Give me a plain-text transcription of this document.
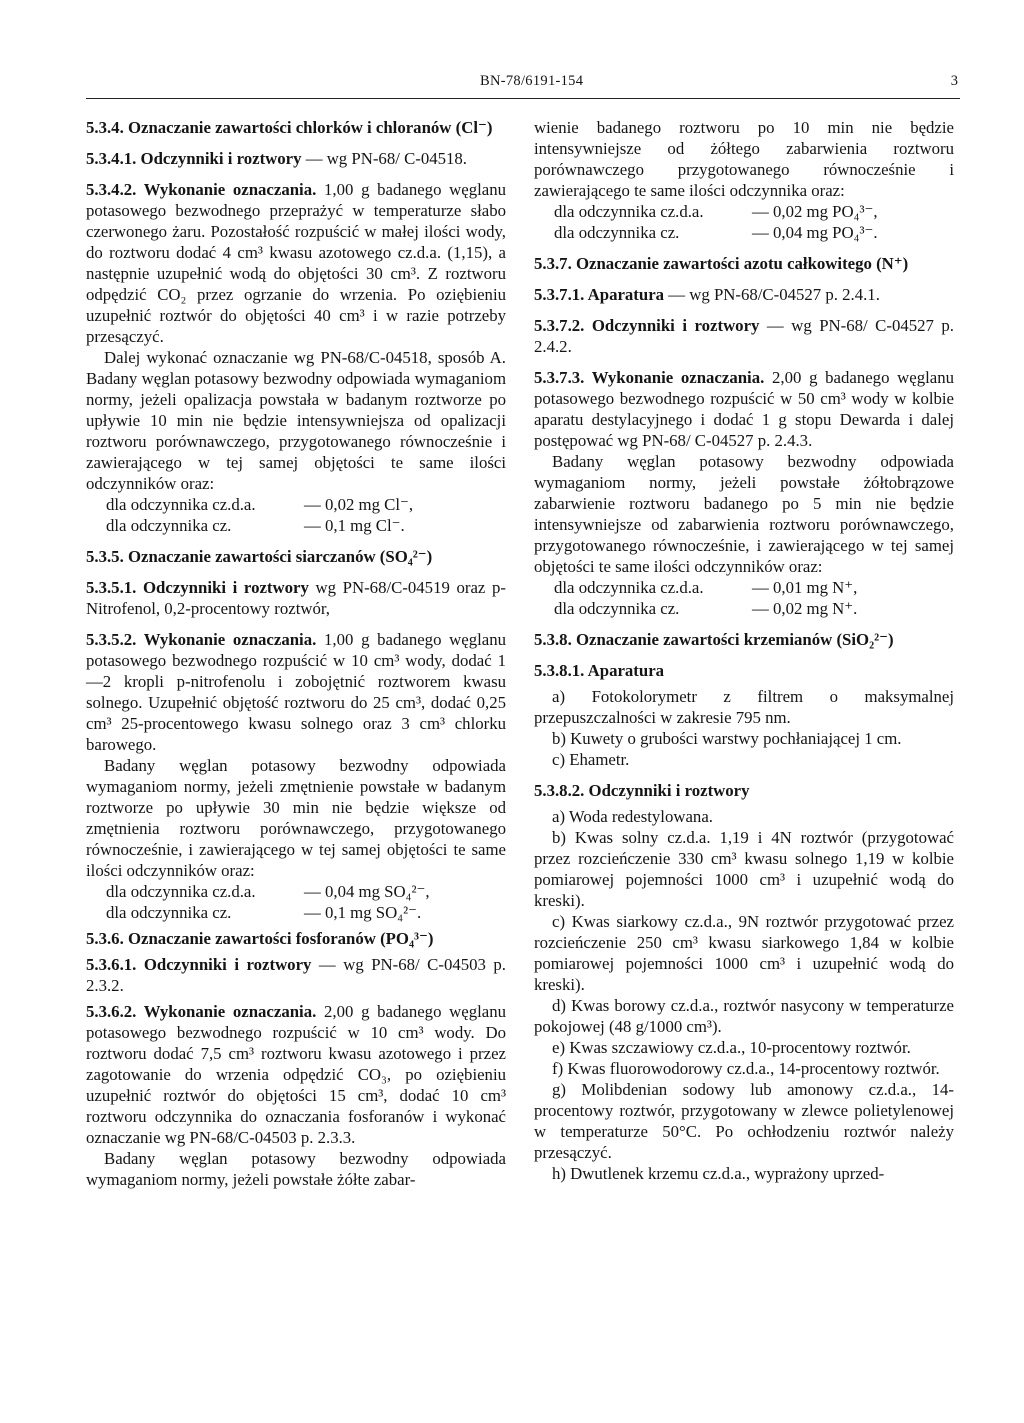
BN-78/6191-154	3

5.3.4. Oznaczanie zawartości chlorków i chloranów (Cl⁻)

5.3.4.1. Odczynniki i roztwory — wg PN-68/ C-04518.

5.3.4.2. Wykonanie oznaczania. 1,00 g badanego węglanu potasowego bezwodnego przeprażyć w temperaturze słabo czerwonego żaru. Pozostałość rozpuścić w małej ilości wody, do roztworu dodać 4 cm³ kwasu azotowego cz.d.a. (1,15), a następnie uzupełnić wodą do objętości 30 cm³. Z roztworu odpędzić CO₂ przez ogrzanie do wrzenia. Po oziębieniu uzupełnić roztwór do objętości 40 cm³ i w razie potrzeby przesączyć.

Dalej wykonać oznaczanie wg PN-68/C-04518, sposób A. Badany węglan potasowy bezwodny odpowiada wymaganiom normy, jeżeli opalizacja powstała w badanym roztworze po upływie 10 min nie będzie intensywniejsza od opalizacji roztworu porównawczego, przygotowanego równocześnie i zawierającego w tej samej objętości te same ilości odczynników oraz:

dla odczynnika cz.d.a.	— 0,02 mg Cl⁻,
dla odczynnika cz.	— 0,1 mg Cl⁻.

5.3.5. Oznaczanie zawartości siarczanów (SO₄²⁻)

5.3.5.1. Odczynniki i roztwory wg PN-68/C-04519 oraz p-Nitrofenol, 0,2-procentowy roztwór,

5.3.5.2. Wykonanie oznaczania. 1,00 g badanego węglanu potasowego bezwodnego rozpuścić w 10 cm³ wody, dodać 1—2 kropli p-nitrofenolu i zobojętnić roztworem kwasu solnego. Uzupełnić objętość roztworu do 25 cm³, dodać 0,25 cm³ 25-procentowego kwasu solnego oraz 3 cm³ chlorku barowego.

Badany węglan potasowy bezwodny odpowiada wymaganiom normy, jeżeli zmętnienie powstałe w badanym roztworze po upływie 30 min nie będzie większe od zmętnienia roztworu porównawczego, przygotowanego równocześnie, i zawierającego w tej samej objętości te same ilości odczynników oraz:

dla odczynnika cz.d.a.	— 0,04 mg SO₄²⁻,
dla odczynnika cz.	— 0,1 mg SO₄²⁻.

5.3.6. Oznaczanie zawartości fosforanów (PO₄³⁻)

5.3.6.1. Odczynniki i roztwory — wg PN-68/ C-04503 p. 2.3.2.

5.3.6.2. Wykonanie oznaczania. 2,00 g badanego węglanu potasowego bezwodnego rozpuścić w 10 cm³ wody. Do roztworu dodać 7,5 cm³ roztworu kwasu azotowego i przez zagotowanie do wrzenia odpędzić CO₃, po oziębieniu uzupełnić roztwór do objętości 15 cm³, dodać 10 cm³ roztworu odczynnika do oznaczania fosforanów i wykonać oznaczanie wg PN-68/C-04503 p. 2.3.3.

Badany węglan potasowy bezwodny odpowiada wymaganiom normy, jeżeli powstałe żółte zabar-

wienie badanego roztworu po 10 min nie będzie intensywniejsze od żółtego zabarwienia roztworu porównawczego przygotowanego równocześnie i zawierającego te same ilości odczynnika oraz:

dla odczynnika cz.d.a.	— 0,02 mg PO₄³⁻,
dla odczynnika cz.	— 0,04 mg PO₄³⁻.

5.3.7. Oznaczanie zawartości azotu całkowitego (N⁺)

5.3.7.1. Aparatura — wg PN-68/C-04527 p. 2.4.1.

5.3.7.2. Odczynniki i roztwory — wg PN-68/ C-04527 p. 2.4.2.

5.3.7.3. Wykonanie oznaczania. 2,00 g badanego węglanu potasowego bezwodnego rozpuścić w 50 cm³ wody w kolbie aparatu destylacyjnego i dodać 1 g stopu Dewarda i dalej postępować wg PN-68/ C-04527 p. 2.4.3.

Badany węglan potasowy bezwodny odpowiada wymaganiom normy, jeżeli powstałe żółtobrązowe zabarwienie roztworu badanego po 5 min nie będzie intensywniejsze od zabarwienia roztworu porównawczego, przygotowanego równocześnie, i zawierającego w tej samej objętości te same ilości odczynników oraz:

dla odczynnika cz.d.a.	— 0,01 mg N⁺,
dla odczynnika cz.	— 0,02 mg N⁺.

5.3.8. Oznaczanie zawartości krzemianów (SiO₂²⁻)

5.3.8.1. Aparatura

a) Fotokolorymetr z filtrem o maksymalnej przepuszczalności w zakresie 795 nm.

b) Kuwety o grubości warstwy pochłaniającej 1 cm.

c) Ehametr.

5.3.8.2. Odczynniki i roztwory

a) Woda redestylowana.

b) Kwas solny cz.d.a. 1,19 i 4N roztwór (przygotować przez rozcieńczenie 330 cm³ kwasu solnego 1,19 w kolbie pomiarowej pojemności 1000 cm³ i uzupełnić wodą do kreski).

c) Kwas siarkowy cz.d.a., 9N roztwór przygotować przez rozcieńczenie 250 cm³ kwasu siarkowego 1,84 w kolbie pomiarowej pojemności 1000 cm³ i uzupełnić wodą do kreski).

d) Kwas borowy cz.d.a., roztwór nasycony w temperaturze pokojowej (48 g/1000 cm³).

e) Kwas szczawiowy cz.d.a., 10-procentowy roztwór.

f) Kwas fluorowodorowy cz.d.a., 14-procentowy roztwór.

g) Molibdenian sodowy lub amonowy cz.d.a., 14-procentowy roztwór, przygotowany w zlewce polietylenowej w temperaturze 50°C. Po ochłodzeniu roztwór należy przesączyć.

h) Dwutlenek krzemu cz.d.a., wyprażony uprzed-
